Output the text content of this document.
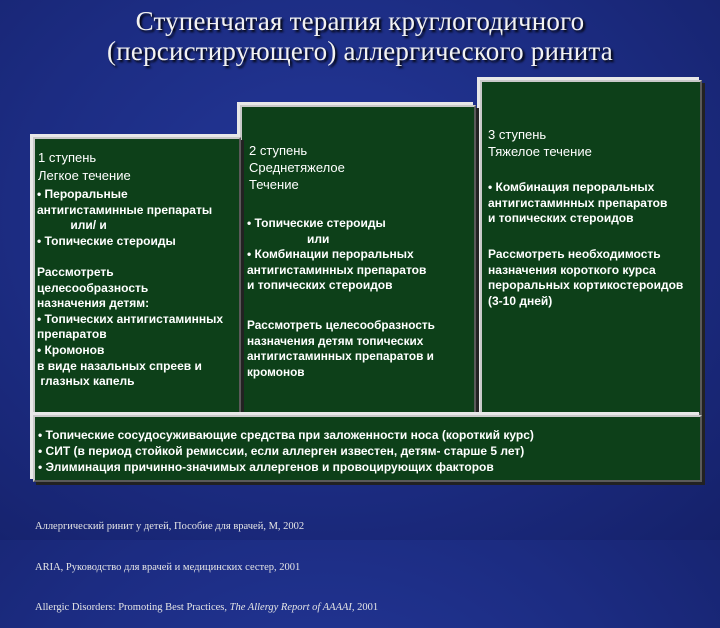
Ступенчатая терапия круглогодичного
(персистирующего) аллергического ринита
1 ступень
Легкое течение
• Пероральные
антигистаминные препараты
или/ и
• Топические стероиды

Рассмотреть
целесообразность
назначения детям:
• Топических антигистаминных
препаратов
• Кромонов
в виде назальных спреев и
глазных капель
2 ступень
Среднетяжелое
Течение
• Топические стероиды
или
• Комбинации пероральных
антигистаминных препаратов
и топических стероидов
Рассмотреть целесообразность
назначения детям топических
антигистаминных препаратов и
кромонов
3 ступень
Тяжелое течение
• Комбинация пероральных
антигистаминных препаратов
и топических стероидов
Рассмотреть необходимость
назначения короткого курса
пероральных кортикостероидов
(3-10 дней)
• Топические сосудосуживающие средства при заложенности носа (короткий курс)
• СИТ (в период стойкой ремиссии, если аллерген известен, детям- старше 5 лет)
• Элиминация причинно-значимых аллергенов и провоцирующих факторов

Аллергический ринит у детей, Пособие для врачей, М, 2002

ARIA, Руководство для врачей и медицинских сестер, 2001

Allergic Disorders: Promoting Best Practices, The Allergy Report of AAAAI, 2001
